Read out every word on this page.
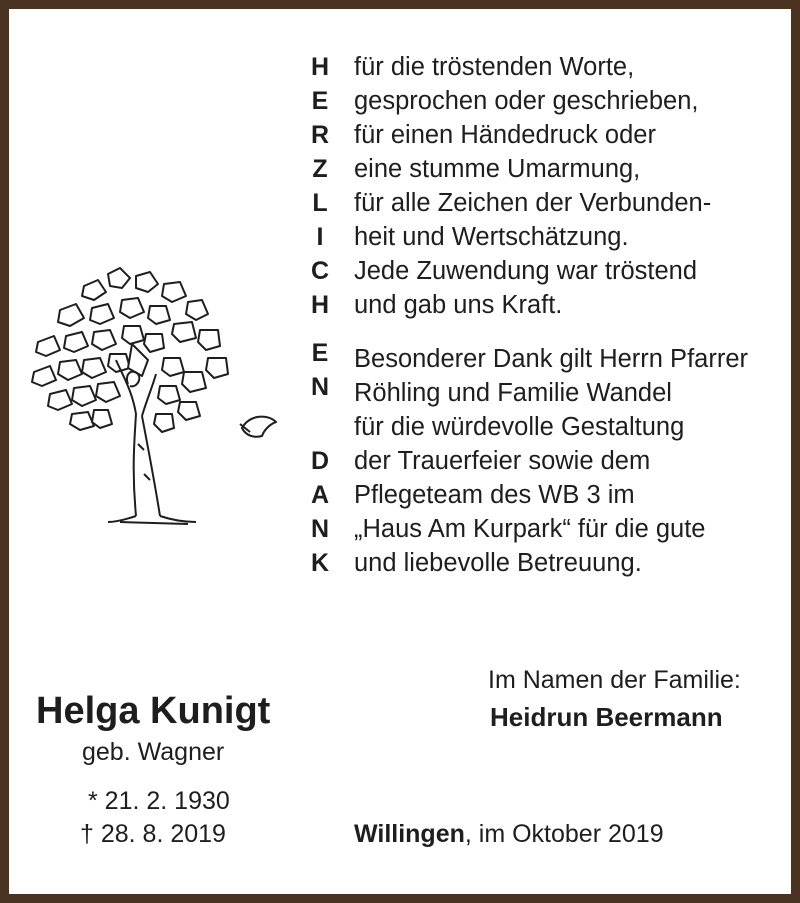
H
E
R
Z
L
I
C
H
E
N
D
A
N
K
für die tröstenden Worte,
gesprochen oder geschrieben,
für einen Händedruck oder
eine stumme Umarmung,
für alle Zeichen der Verbunden-
heit und Wertschätzung.
Jede Zuwendung war tröstend
und gab uns Kraft.
Besonderer Dank gilt Herrn Pfarrer
Röhling und Familie Wandel
für die würdevolle Gestaltung
der Trauerfeier sowie dem
Pflegeteam des WB 3 im
„Haus Am Kurpark“ für die gute
und liebevolle Betreuung.
Helga Kunigt
geb. Wagner
* 21. 2. 1930
† 28. 8. 2019
Im Namen der Familie:
Heidrun Beermann
Willingen, im Oktober 2019
